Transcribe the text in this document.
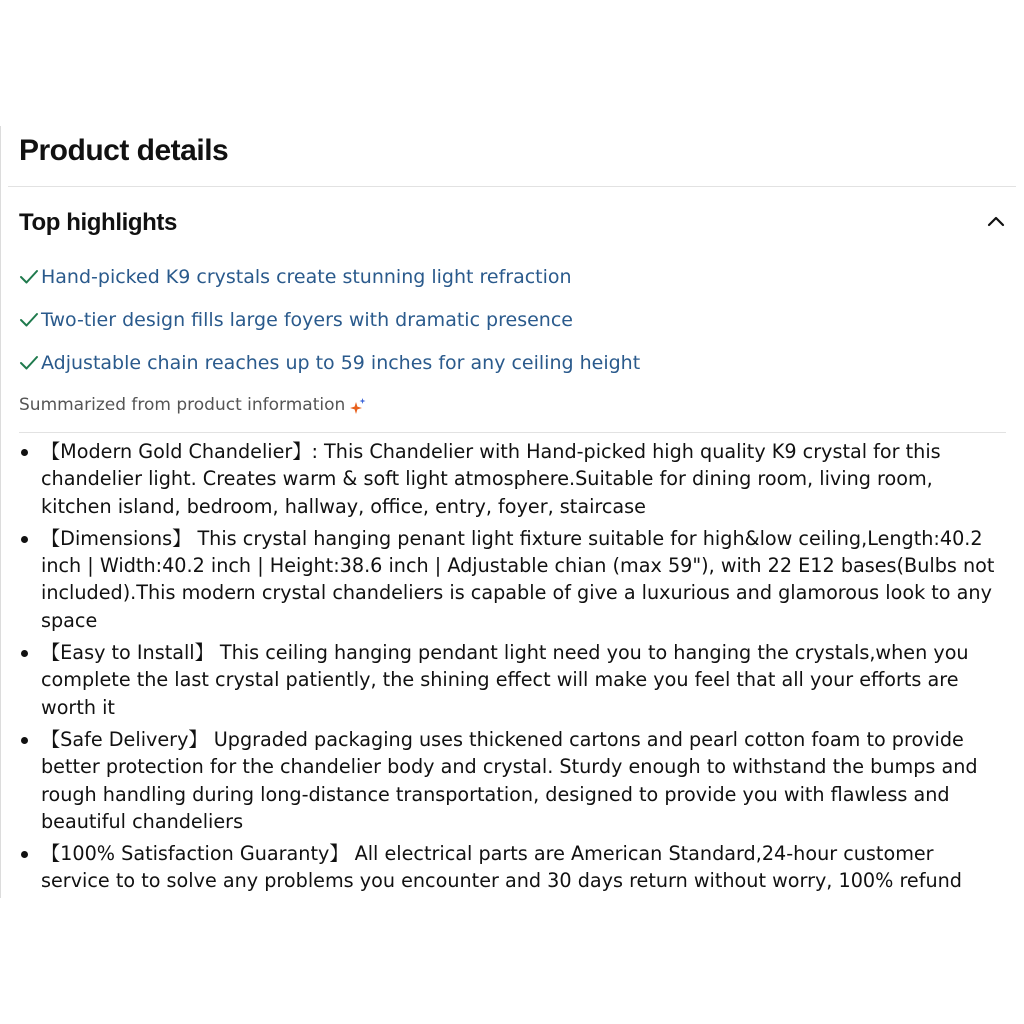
Product details
Top highlights
Hand-picked K9 crystals create stunning light refraction
Two-tier design fills large foyers with dramatic presence
Adjustable chain reaches up to 59 inches for any ceiling height
Summarized from product information
【Modern Gold Chandelier】: This Chandelier with Hand-picked high quality K9 crystal for this chandelier light. Creates warm & soft light atmosphere.Suitable for dining room, living room, kitchen island, bedroom, hallway, office, entry, foyer, staircase
【Dimensions】 This crystal hanging penant light fixture suitable for high&low ceiling,Length:40.2 inch | Width:40.2 inch | Height:38.6 inch | Adjustable chian (max 59"), with 22 E12 bases(Bulbs not included).This modern crystal chandeliers is capable of give a luxurious and glamorous look to any space
【Easy to Install】 This ceiling hanging pendant light need you to hanging the crystals,when you complete the last crystal patiently, the shining effect will make you feel that all your efforts are worth it
【Safe Delivery】 Upgraded packaging uses thickened cartons and pearl cotton foam to provide better protection for the chandelier body and crystal. Sturdy enough to withstand the bumps and rough handling during long-distance transportation, designed to provide you with flawless and beautiful chandeliers
【100% Satisfaction Guaranty】 All electrical parts are American Standard,24-hour customer service to to solve any problems you encounter and 30 days return without worry, 100% refund
